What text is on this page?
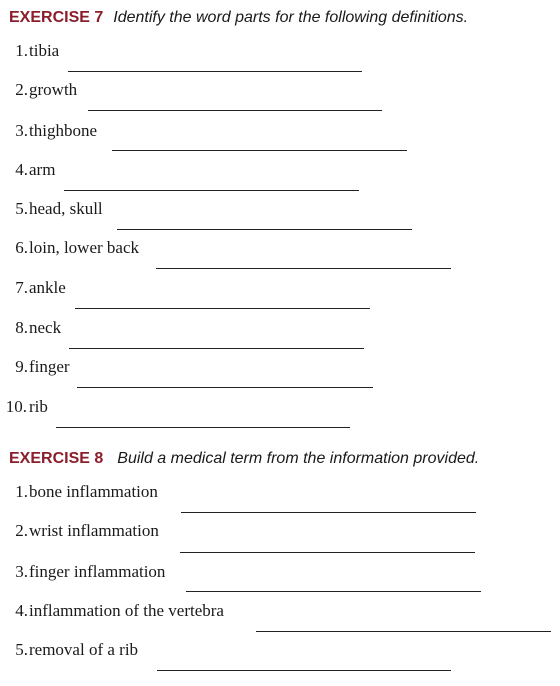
EXERCISE 7 Identify the word parts for the following definitions.
1. tibia
2. growth
3. thighbone
4. arm
5. head, skull
6. loin, lower back
7. ankle
8. neck
9. finger
10. rib
EXERCISE 8 Build a medical term from the information provided.
1. bone inflammation
2. wrist inflammation
3. finger inflammation
4. inflammation of the vertebra
5. removal of a rib
